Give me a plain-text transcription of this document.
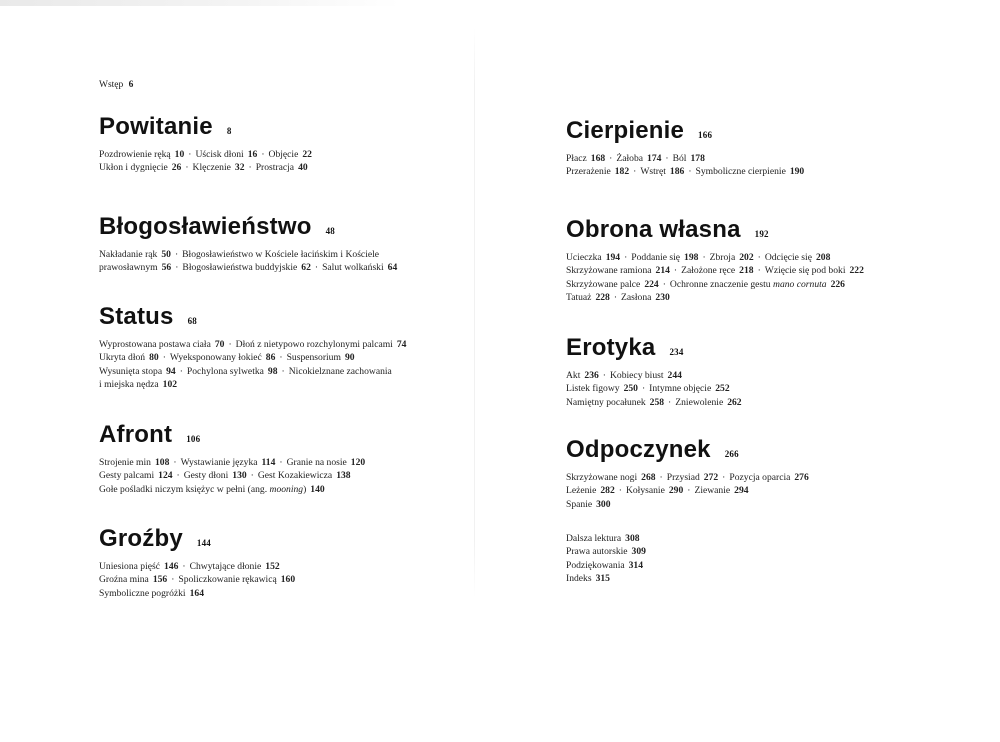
Wstęp 6

Powitanie 8
Pozdrowienie ręką 10 · Uścisk dłoni 16 · Objęcie 22
Ukłon i dygnięcie 26 · Klęczenie 32 · Prostracja 40
Błogosławieństwo 48
Nakładanie rąk 50 · Błogosławieństwo w Kościele łacińskim i Kościele
prawosławnym 56 · Błogosławieństwa buddyjskie 62 · Salut wolkański 64
Status 68
Wyprostowana postawa ciała 70 · Dłoń z nietypowo rozchylonymi palcami 74
Ukryta dłoń 80 · Wyeksponowany łokieć 86 · Suspensorium 90
Wysunięta stopa 94 · Pochylona sylwetka 98 · Nicokielznane zachowania
i miejska nędza 102
Afront 106
Strojenie min 108 · Wystawianie języka 114 · Granie na nosie 120
Gesty palcami 124 · Gesty dłoni 130 · Gest Kozakiewicza 138
Gołe pośladki niczym księżyc w pełni (ang. mooning) 140
Groźby 144
Uniesiona pięść 146 · Chwytające dłonie 152
Groźna mina 156 · Spoliczkowanie rękawicą 160
Symboliczne pogróżki 164
Cierpienie 166
Płacz 168 · Żałoba 174 · Ból 178
Przerażenie 182 · Wstręt 186 · Symboliczne cierpienie 190
Obrona własna 192
Ucieczka 194 · Poddanie się 198 · Zbroja 202 · Odcięcie się 208
Skrzyżowane ramiona 214 · Założone ręce 218 · Wzięcie się pod boki 222
Skrzyżowane palce 224 · Ochronne znaczenie gestu mano cornuta 226
Tatuaż 228 · Zasłona 230
Erotyka 234
Akt 236 · Kobiecy biust 244
Listek figowy 250 · Intymne objęcie 252
Namiętny pocałunek 258 · Zniewolenie 262
Odpoczynek 266
Skrzyżowane nogi 268 · Przysiad 272 · Pozycja oparcia 276
Leżenie 282 · Kołysanie 290 · Ziewanie 294
Spanie 300
Dalsza lektura 308
Prawa autorskie 309
Podziękowania 314
Indeks 315
